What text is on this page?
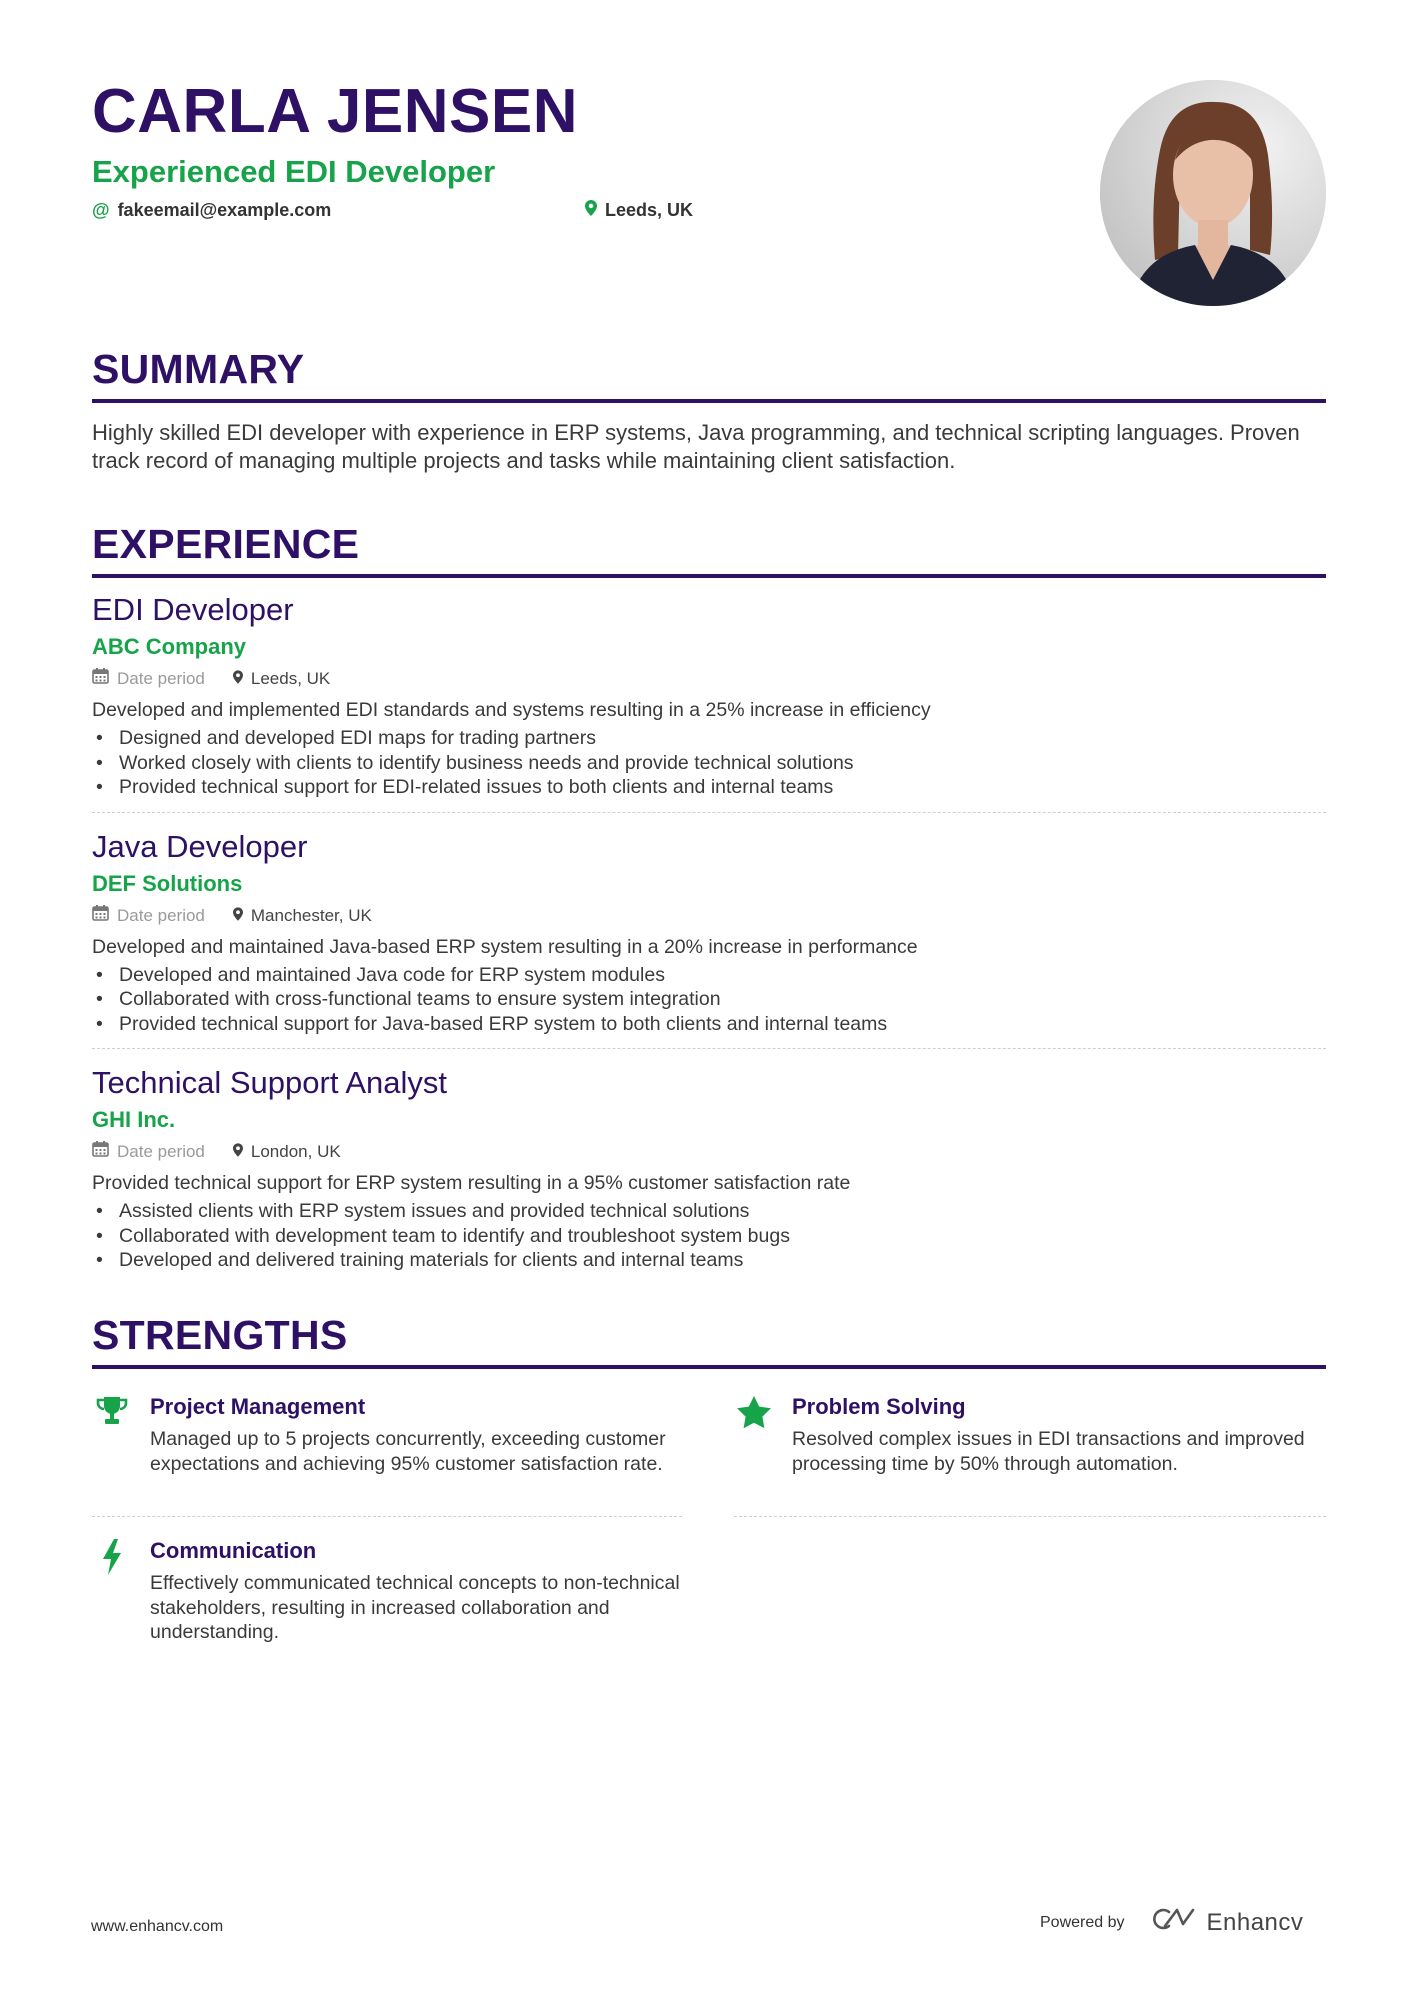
CARLA JENSEN
Experienced EDI Developer
@ fakeemail@example.com	Leeds, UK
SUMMARY
Highly skilled EDI developer with experience in ERP systems, Java programming, and technical scripting languages. Proven track record of managing multiple projects and tasks while maintaining client satisfaction.
EXPERIENCE
EDI Developer
ABC Company
Date period	Leeds, UK
Developed and implemented EDI standards and systems resulting in a 25% increase in efficiency
• Designed and developed EDI maps for trading partners
• Worked closely with clients to identify business needs and provide technical solutions
• Provided technical support for EDI-related issues to both clients and internal teams
Java Developer
DEF Solutions
Date period	Manchester, UK
Developed and maintained Java-based ERP system resulting in a 20% increase in performance
• Developed and maintained Java code for ERP system modules
• Collaborated with cross-functional teams to ensure system integration
• Provided technical support for Java-based ERP system to both clients and internal teams
Technical Support Analyst
GHI Inc.
Date period	London, UK
Provided technical support for ERP system resulting in a 95% customer satisfaction rate
• Assisted clients with ERP system issues and provided technical solutions
• Collaborated with development team to identify and troubleshoot system bugs
• Developed and delivered training materials for clients and internal teams
STRENGTHS
Project Management
Managed up to 5 projects concurrently, exceeding customer expectations and achieving 95% customer satisfaction rate.
Problem Solving
Resolved complex issues in EDI transactions and improved processing time by 50% through automation.
Communication
Effectively communicated technical concepts to non-technical stakeholders, resulting in increased collaboration and understanding.
www.enhancv.com	Powered by	Enhancv
